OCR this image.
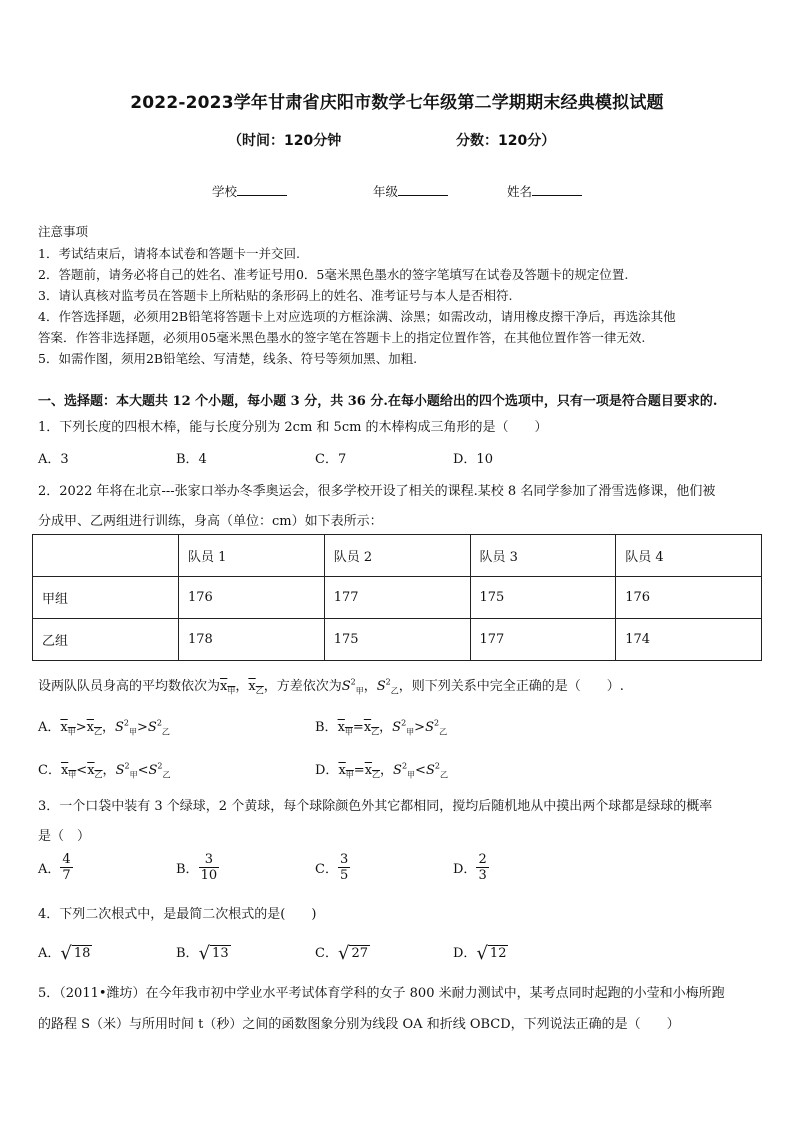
2022-2023学年甘肃省庆阳市数学七年级第二学期期末经典模拟试题
（时间：120分钟	分数：120分）
学校	年级	姓名
注意事项
1．考试结束后，请将本试卷和答题卡一并交回.
2．答题前，请务必将自己的姓名、准考证号用0．5毫米黑色墨水的签字笔填写在试卷及答题卡的规定位置.
3．请认真核对监考员在答题卡上所粘贴的条形码上的姓名、准考证号与本人是否相符.
4．作答选择题，必须用2B铅笔将答题卡上对应选项的方框涂满、涂黑；如需改动，请用橡皮擦干净后，再选涂其他
答案．作答非选择题，必须用05毫米黑色墨水的签字笔在答题卡上的指定位置作答，在其他位置作答一律无效.
5．如需作图，须用2B铅笔绘、写清楚，线条、符号等须加黑、加粗.
一、选择题：本大题共 12 个小题，每小题 3 分，共 36 分.在每小题给出的四个选项中，只有一项是符合题目要求的.
1．下列长度的四根木棒，能与长度分别为 2cm 和 5cm 的木棒构成三角形的是（　　）
A．3	B．4	C．7	D．10
2．2022 年将在北京---张家口举办冬季奥运会，很多学校开设了相关的课程.某校 8 名同学参加了滑雪选修课，他们被
分成甲、乙两组进行训练，身高（单位：cm）如下表所示：
	队员 1	队员 2	队员 3	队员 4
甲组	176	177	175	176
乙组	178	175	177	174
设两队队员身高的平均数依次为$x_甲$，$x_乙$，方差依次为$S^2_甲$，$S^2_乙$，则下列关系中完全正确的是（　　）.
A．$x_甲>x_乙$，$S^2_甲>S^2_乙$	B．$x_甲=x_乙$，$S^2_甲>S^2_乙$
C．$x_甲<x_乙$，$S^2_甲<S^2_乙$	D．$x_甲=x_乙$，$S^2_甲<S^2_乙$
3．一个口袋中装有 3 个绿球，2 个黄球，每个球除颜色外其它都相同，搅均后随机地从中摸出两个球都是绿球的概率
是（　）
A． $\frac{4}{7}$	B． $\frac{3}{10}$	C． $\frac{3}{5}$	D． $\frac{2}{3}$
4．下列二次根式中，是最简二次根式的是(　　)
A．√ 18	B．√ 13	C．√ 27	D．√ 12
5．（2011•潍坊）在今年我市初中学业水平考试体育学科的女子 800 米耐力测试中，某考点同时起跑的小莹和小梅所跑
的路程 S（米）与所用时间 t（秒）之间的函数图象分别为线段 OA 和折线 OBCD，下列说法正确的是（　　）
